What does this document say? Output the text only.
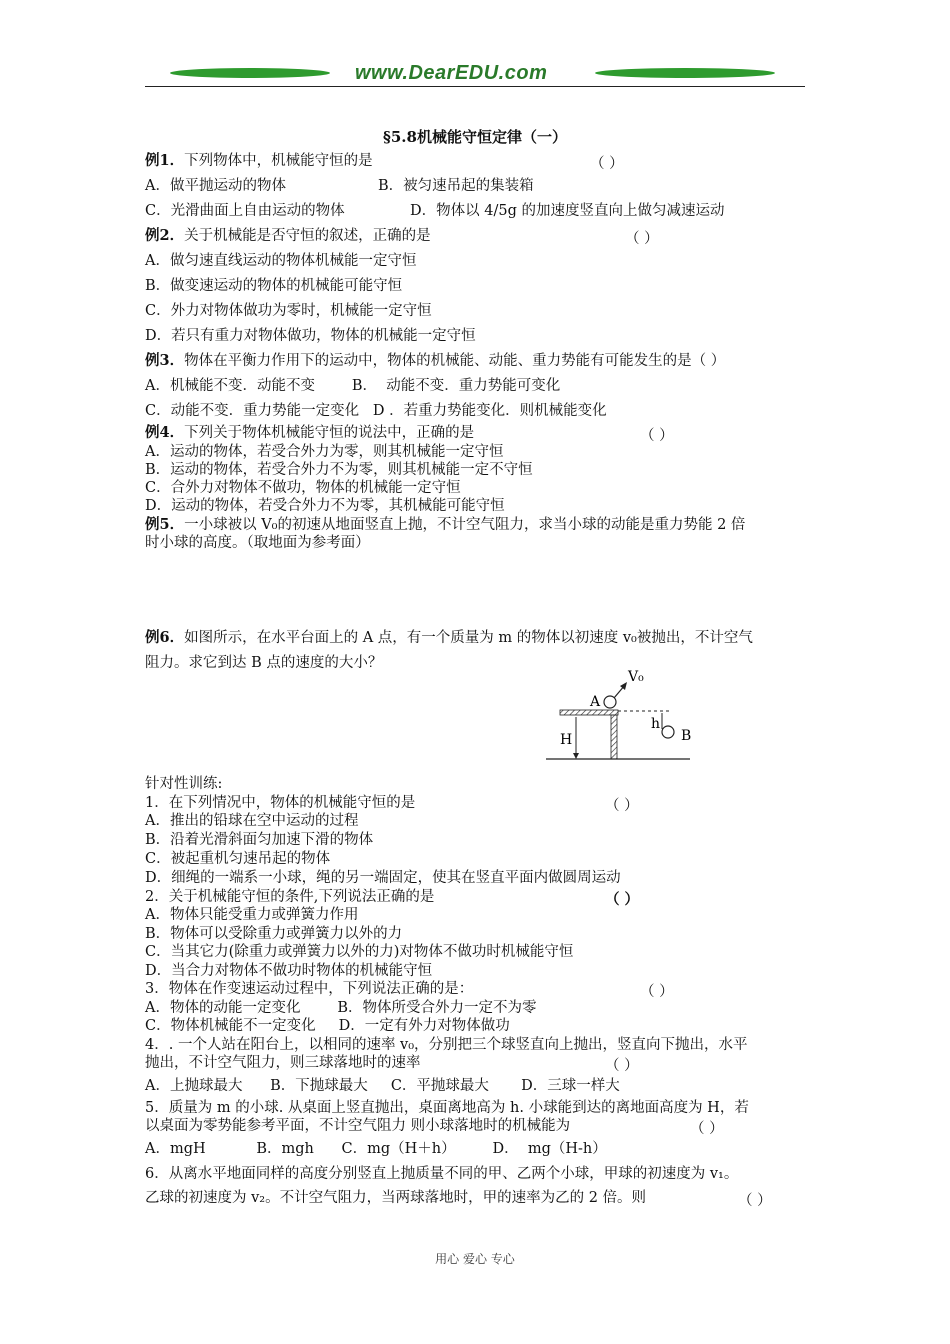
www.DearEDU.com
§5.8机械能守恒定律（一）
例1．下列物体中，机械能守恒的是	（ ）
A．做平抛运动的物体	B．被匀速吊起的集装箱
C．光滑曲面上自由运动的物体	D．物体以 4/5g 的加速度竖直向上做匀减速运动
例2．关于机械能是否守恒的叙述，正确的是	（ ）
A．做匀速直线运动的物体机械能一定守恒
B．做变速运动的物体的机械能可能守恒
C．外力对物体做功为零时，机械能一定守恒
D．若只有重力对物体做功，物体的机械能一定守恒
例3．物体在平衡力作用下的运动中，物体的机械能、动能、重力势能有可能发生的是（ ）
A．机械能不变．动能不变        B．  动能不变．重力势能可变化
C．动能不变．重力势能一定变化   D ．若重力势能变化．则机械能变化
例4．下列关于物体机械能守恒的说法中，正确的是	（ ）
A．运动的物体，若受合外力为零，则其机械能一定守恒
B．运动的物体，若受合外力不为零，则其机械能一定不守恒
C．合外力对物体不做功，物体的机械能一定守恒
D．运动的物体，若受合外力不为零，其机械能可能守恒
例5．一小球被以 V₀的初速从地面竖直上抛，不计空气阻力，求当小球的动能是重力势能 2 倍
时小球的高度。（取地面为参考面）
例6．如图所示，在水平台面上的 A 点，有一个质量为 m 的物体以初速度 v₀被抛出，不计空气
阻力。求它到达 B 点的速度的大小？
V₀
A
h
B
H
针对性训练:
1．在下列情况中，物体的机械能守恒的是	（ ）
A．推出的铅球在空中运动的过程
B．沿着光滑斜面匀加速下滑的物体
C．被起重机匀速吊起的物体
D．细绳的一端系一小球，绳的另一端固定，使其在竖直平面内做圆周运动
2．关于机械能守恒的条件,下列说法正确的是	（ ）
A．物体只能受重力或弹簧力作用
B．物体可以受除重力或弹簧力以外的力
C．当其它力(除重力或弹簧力以外的力)对物体不做功时机械能守恒
D．当合力对物体不做功时物体的机械能守恒
3．物体在作变速运动过程中，下列说法正确的是：	（ ）
A．物体的动能一定变化        B．物体所受合外力一定不为零
C．物体机械能不一定变化     D．一定有外力对物体做功
4．. 一个人站在阳台上，以相同的速率 v₀，分别把三个球竖直向上抛出，竖直向下抛出，水平
抛出，不计空气阻力，则三球落地时的速率	（ ）
A．上抛球最大      B．下抛球最大     C．平抛球最大       D．三球一样大
5．质量为 m 的小球. 从桌面上竖直抛出，桌面离地高为 h. 小球能到达的离地面高度为 H，若
以桌面为零势能参考平面，不计空气阻力 则小球落地时的机械能为	（ ）
A．mgH           B．mgh      C．mg（H＋h）        D．  mg（H-h）
6．从离水平地面同样的高度分别竖直上抛质量不同的甲、乙两个小球，甲球的初速度为 v₁。
乙球的初速度为 v₂。不计空气阻力，当两球落地时，甲的速率为乙的 2 倍。则	（ ）
用心 爱心 专心
